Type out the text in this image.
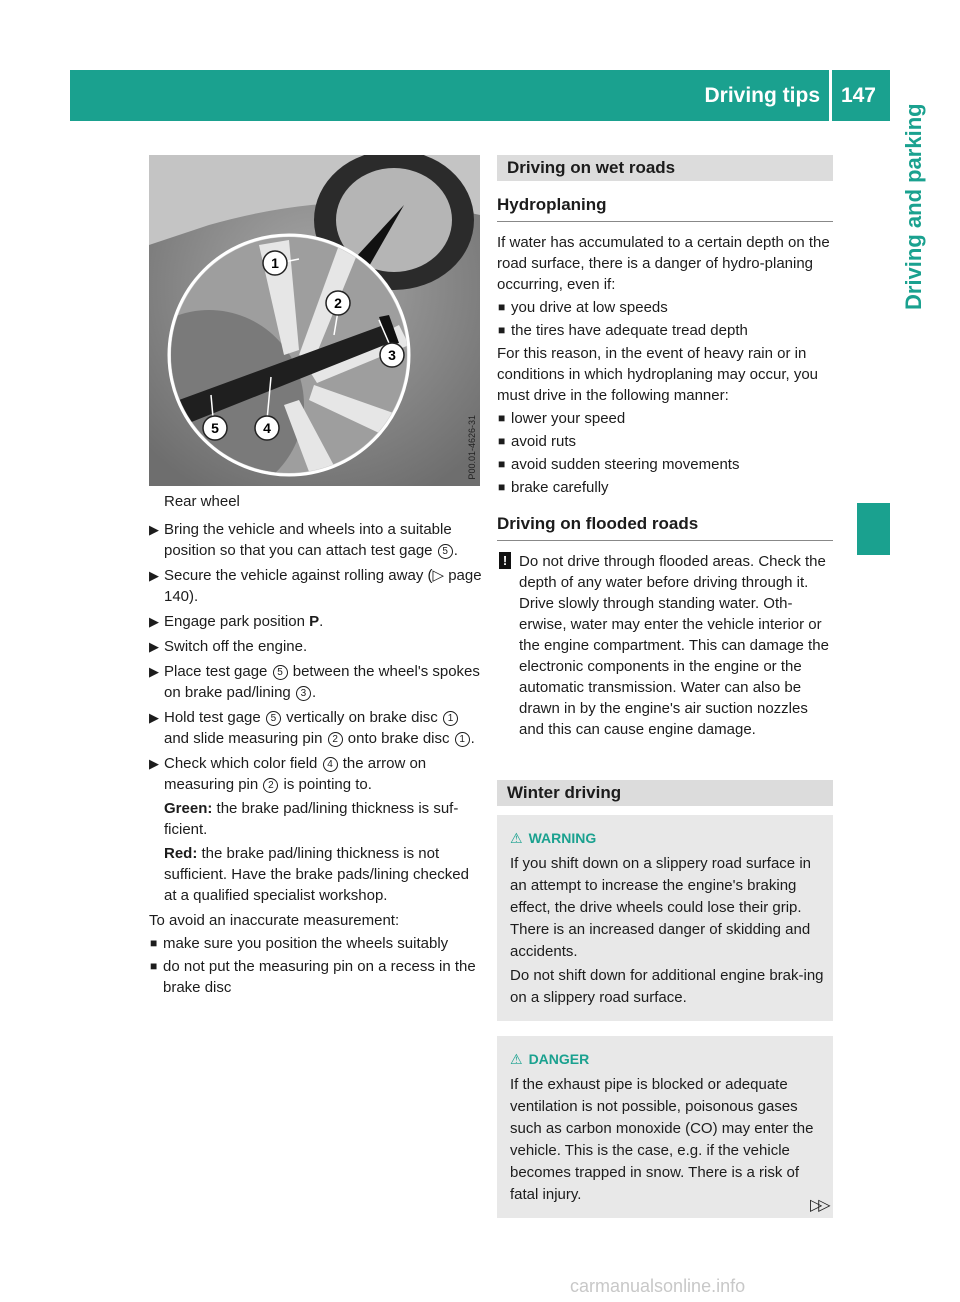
Driving tips 147
Driving and parking
1
2
3
4
5	P00.01-4626-31

Rear wheel

▶ Bring the vehicle and wheels into a suitable position so that you can attach test gage 5 .
▶ Secure the vehicle against rolling away (▷ page 140).
▶ Engage park position P.
▶ Switch off the engine.
▶ Place test gage 5 between the wheel's spokes on brake pad/lining 3 .
▶ Hold test gage 5 vertically on brake disc 1 and slide measuring pin 2 onto brake disc 1 .
▶ Check which color field 4 the arrow on measuring pin 2 is pointing to.

Green: the brake pad/lining thickness is suf-ficient.

Red: the brake pad/lining thickness is not sufficient. Have the brake pads/lining checked at a qualified specialist workshop.

To avoid an inaccurate measurement:

■ make sure you position the wheels suitably
■ do not put the measuring pin on a recess in the brake disc
Driving on wet roads
Hydroplaning

If water has accumulated to a certain depth on the road surface, there is a danger of hydro-planing occurring, even if:

■ you drive at low speeds
■ the tires have adequate tread depth

For this reason, in the event of heavy rain or in conditions in which hydroplaning may occur, you must drive in the following manner:

■ lower your speed
■ avoid ruts
■ avoid sudden steering movements
■ brake carefully
Driving on flooded roads
! Do not drive through flooded areas. Check the depth of any water before driving through it. Drive slowly through standing water. Oth-erwise, water may enter the vehicle interior or the engine compartment. This can damage the electronic components in the engine or the automatic transmission. Water can also be drawn in by the engine's air suction nozzles and this can cause engine damage.
Winter driving
⚠ WARNING

If you shift down on a slippery road surface in an attempt to increase the engine's braking effect, the drive wheels could lose their grip. There is an increased danger of skidding and accidents.

Do not shift down for additional engine brak-ing on a slippery road surface.

⚠ DANGER

If the exhaust pipe is blocked or adequate ventilation is not possible, poisonous gases such as carbon monoxide (CO) may enter the vehicle. This is the case, e.g. if the vehicle becomes trapped in snow. There is a risk of fatal injury.

▷▷
carmanualsonline.info
